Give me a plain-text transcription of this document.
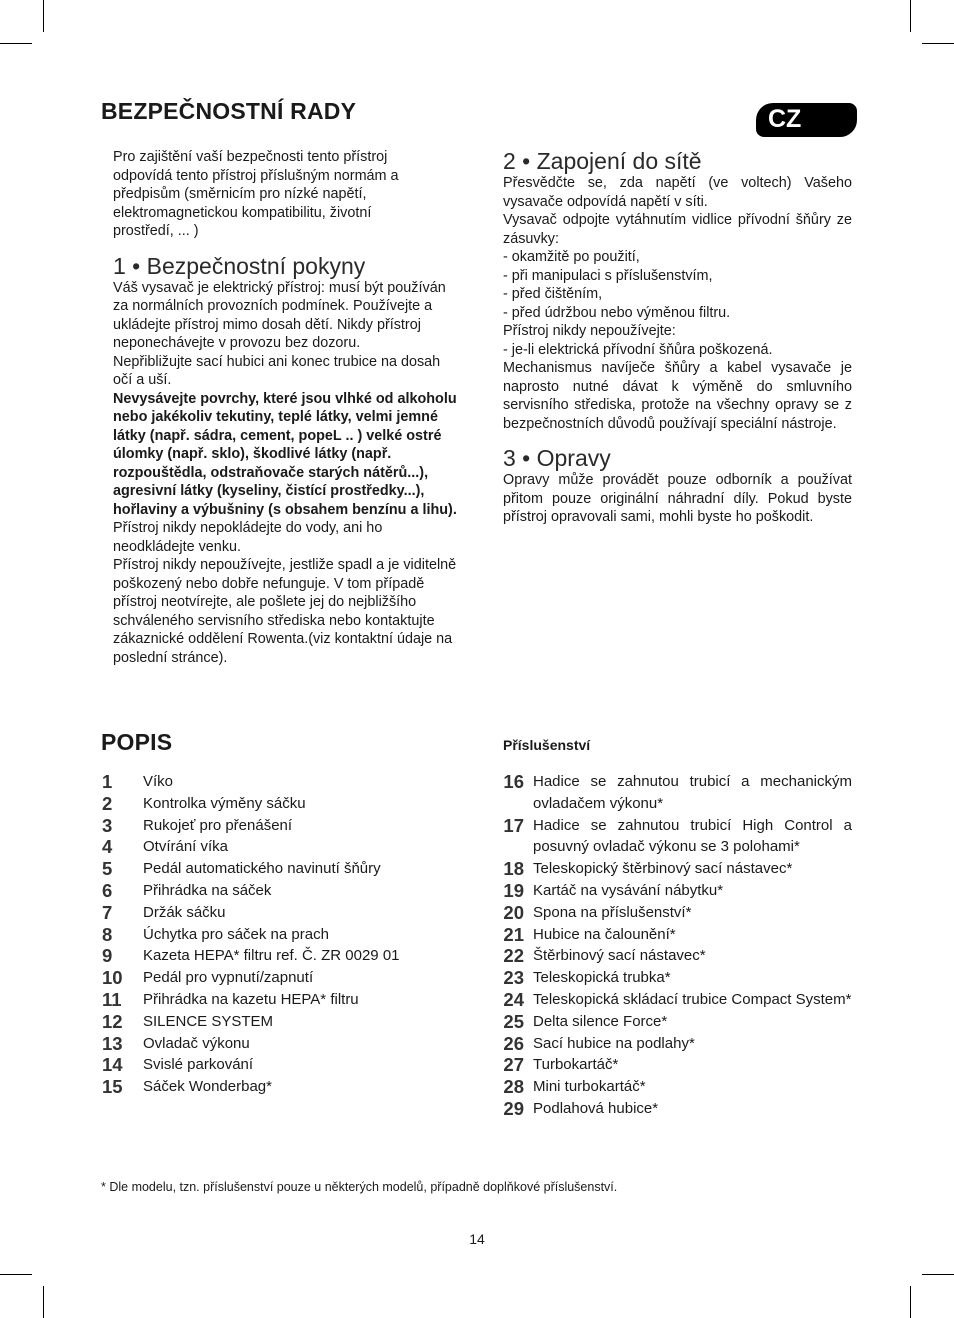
BEZPEČNOSTNÍ RADY	CZ

Pro zajištění vaší bezpečnosti tento přístroj odpovídá tento přístroj příslušným normám a předpisům (směrnicím pro nízké napětí, elektromagnetickou kompatibilitu, životní prostředí, ... )

1 • Bezpečnostní pokyny

Váš vysavač je elektrický přístroj: musí být používán za normálních provozních podmínek. Používejte a ukládejte přístroj mimo dosah dětí. Nikdy přístroj neponechávejte v provozu bez dozoru.

Nepřibližujte sací hubici ani konec trubice na dosah očí a uší.

Nevysávejte povrchy, které jsou vlhké od alkoholu nebo jakékoliv tekutiny, teplé látky, velmi jemné látky (např. sádra, cement, popeL .. ) velké ostré úlomky (např. sklo), škodlivé látky (např. rozpouštědla, odstraňovače starých nátěrů...), agresivní látky (kyseliny, čistící prostředky...), hořlaviny a výbušniny (s obsahem benzínu a lihu).

Přístroj nikdy nepokládejte do vody, ani ho neodkládejte venku.

Přístroj nikdy nepoužívejte, jestliže spadl a je viditelně poškozený nebo dobře nefunguje. V tom případě přístroj neotvírejte, ale pošlete jej do nejbližšího schváleného servisního střediska nebo kontaktujte zákaznické oddělení Rowenta.(viz kontaktní údaje na poslední stránce).

2 • Zapojení do sítě

Přesvědčte se, zda napětí (ve voltech) Vašeho vysavače odpovídá napětí v síti.

Vysavač odpojte vytáhnutím vidlice přívodní šňůry ze zásuvky:

- okamžitě po použití,

- při manipulaci s příslušenstvím,

- před čištěním,

- před údržbou nebo výměnou filtru.

Přístroj nikdy nepoužívejte:

- je-li elektrická přívodní šňůra poškozená.

Mechanismus navíječe šňůry a kabel vysavače je naprosto nutné dávat k výměně do smluvního servisního střediska, protože na všechny opravy se z bezpečnostních důvodů používají speciální nástroje.

3 • Opravy

Opravy může provádět pouze odborník a používat přitom pouze originální náhradní díly. Pokud byste přístroj opravovali sami, mohli byste ho poškodit.

POPIS	Příslušenství
1	Víko
2	Kontrolka výměny sáčku
3	Rukojeť pro přenášení
4	Otvírání víka
5	Pedál automatického navinutí šňůry
6	Přihrádka na sáček
7	Držák sáčku
8	Úchytka pro sáček na prach
9	Kazeta HEPA* filtru ref. Č. ZR 0029 01
10	Pedál pro vypnutí/zapnutí
11	Přihrádka na kazetu HEPA* filtru
12	SILENCE SYSTEM
13	Ovladač výkonu
14	Svislé parkování
15	Sáček Wonderbag*
16 Hadice se zahnutou trubicí a mechanickým ovladačem výkonu*
17 Hadice se zahnutou trubicí High Control a posuvný ovladač výkonu se 3 polohami*
18 Teleskopický štěrbinový sací nástavec*
19 Kartáč na vysávání nábytku*
20 Spona na příslušenství*
21 Hubice na čalounění*
22 Štěrbinový sací nástavec*
23 Teleskopická trubka*
24 Teleskopická skládací trubice Compact System*
25 Delta silence Force*
26 Sací hubice na podlahy*
27 Turbokartáč*
28 Mini turbokartáč*
29 Podlahová hubice*
* Dle modelu, tzn. příslušenství pouze u některých modelů, případně doplňkové příslušenství.
14
